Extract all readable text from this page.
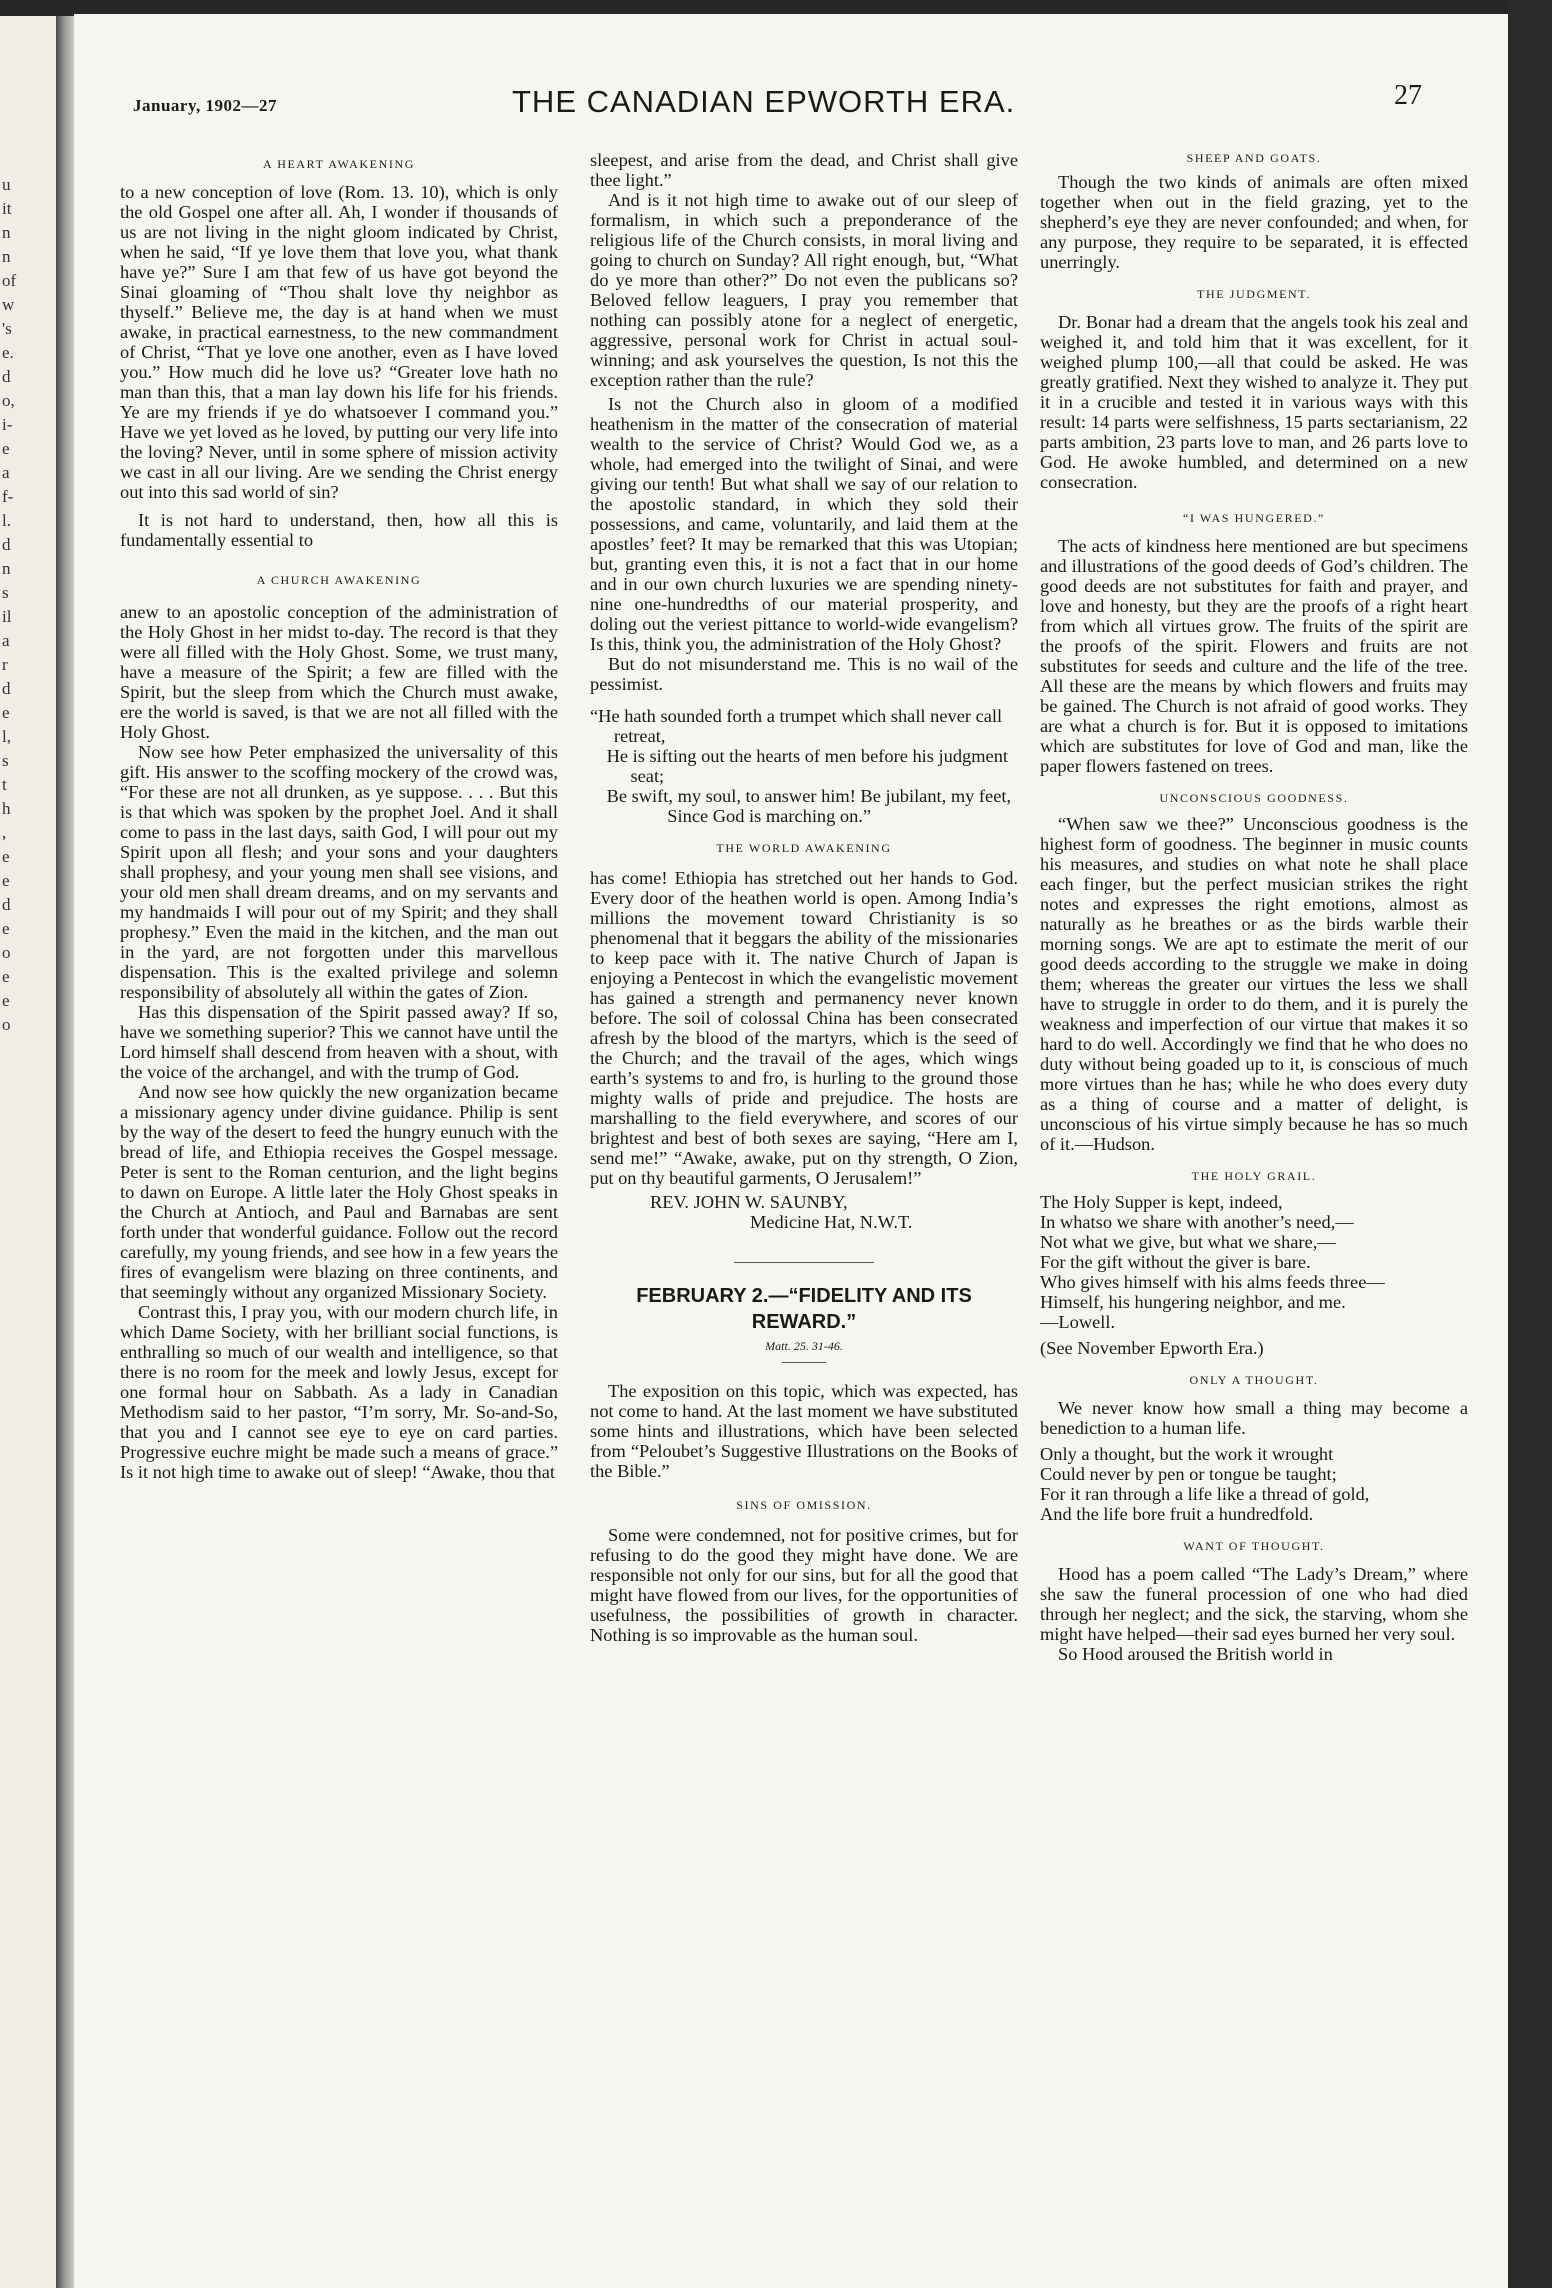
u
it
n
n
of
w
's
e.
d
o,
i-
e
a
f-
l.
d
n
s
il
a
r
d
e
l,
s
t
h
,
e
e
d
e
o
e
e
o
January, 1902—27	THE CANADIAN EPWORTH ERA.	27
A HEART AWAKENING

to a new conception of love (Rom. 13. 10), which is only the old Gospel one after all. Ah, I wonder if thousands of us are not living in the night gloom indicated by Christ, when he said, “If ye love them that love you, what thank have ye?” Sure I am that few of us have got beyond the Sinai gloaming of “Thou shalt love thy neighbor as thyself.” Believe me, the day is at hand when we must awake, in practical earnestness, to the new commandment of Christ, “That ye love one another, even as I have loved you.” How much did he love us? “Greater love hath no man than this, that a man lay down his life for his friends. Ye are my friends if ye do whatsoever I command you.” Have we yet loved as he loved, by putting our very life into the loving? Never, until in some sphere of mission activity we cast in all our living. Are we sending the Christ energy out into this sad world of sin?

It is not hard to understand, then, how all this is fundamentally essential to

A CHURCH AWAKENING

anew to an apostolic conception of the administration of the Holy Ghost in her midst to-day. The record is that they were all filled with the Holy Ghost. Some, we trust many, have a measure of the Spirit; a few are filled with the Spirit, but the sleep from which the Church must awake, ere the world is saved, is that we are not all filled with the Holy Ghost.

Now see how Peter emphasized the universality of this gift. His answer to the scoffing mockery of the crowd was, “For these are not all drunken, as ye suppose. . . . But this is that which was spoken by the prophet Joel. And it shall come to pass in the last days, saith God, I will pour out my Spirit upon all flesh; and your sons and your daughters shall prophesy, and your young men shall see visions, and your old men shall dream dreams, and on my servants and my handmaids I will pour out of my Spirit; and they shall prophesy.” Even the maid in the kitchen, and the man out in the yard, are not forgotten under this marvellous dispensation. This is the exalted privilege and solemn responsibility of absolutely all within the gates of Zion.

Has this dispensation of the Spirit passed away? If so, have we something superior? This we cannot have until the Lord himself shall descend from heaven with a shout, with the voice of the archangel, and with the trump of God.

And now see how quickly the new organization became a missionary agency under divine guidance. Philip is sent by the way of the desert to feed the hungry eunuch with the bread of life, and Ethiopia receives the Gospel message. Peter is sent to the Roman centurion, and the light begins to dawn on Europe. A little later the Holy Ghost speaks in the Church at Antioch, and Paul and Barnabas are sent forth under that wonderful guidance. Follow out the record carefully, my young friends, and see how in a few years the fires of evangelism were blazing on three continents, and that seemingly without any organized Missionary Society.

Contrast this, I pray you, with our modern church life, in which Dame Society, with her brilliant social functions, is enthralling so much of our wealth and intelligence, so that there is no room for the meek and lowly Jesus, except for one formal hour on Sabbath. As a lady in Canadian Methodism said to her pastor, “I’m sorry, Mr. So-and-So, that you and I cannot see eye to eye on card parties. Progressive euchre might be made such a means of grace.” Is it not high time to awake out of sleep! “Awake, thou that

sleepest, and arise from the dead, and Christ shall give thee light.”

And is it not high time to awake out of our sleep of formalism, in which such a preponderance of the religious life of the Church consists, in moral living and going to church on Sunday? All right enough, but, “What do ye more than other?” Do not even the publicans so? Beloved fellow leaguers, I pray you remember that nothing can possibly atone for a neglect of energetic, aggressive, personal work for Christ in actual soul-winning; and ask yourselves the question, Is not this the exception rather than the rule?

Is not the Church also in gloom of a modified heathenism in the matter of the consecration of material wealth to the service of Christ? Would God we, as a whole, had emerged into the twilight of Sinai, and were giving our tenth! But what shall we say of our relation to the apostolic standard, in which they sold their possessions, and came, voluntarily, and laid them at the apostles’ feet? It may be remarked that this was Utopian; but, granting even this, it is not a fact that in our home and in our own church luxuries we are spending ninety-nine one-hundredths of our material prosperity, and doling out the veriest pittance to world-wide evangelism? Is this, think you, the administration of the Holy Ghost?

But do not misunderstand me. This is no wail of the pessimist.

“He hath sounded forth a trumpet which shall never call retreat,
He is sifting out the hearts of men before his judgment seat;
Be swift, my soul, to answer him! Be jubilant, my feet,
Since God is marching on.”
THE WORLD AWAKENING

has come! Ethiopia has stretched out her hands to God. Every door of the heathen world is open. Among India’s millions the movement toward Christianity is so phenomenal that it beggars the ability of the missionaries to keep pace with it. The native Church of Japan is enjoying a Pentecost in which the evangelistic movement has gained a strength and permanency never known before. The soil of colossal China has been consecrated afresh by the blood of the martyrs, which is the seed of the Church; and the travail of the ages, which wings earth’s systems to and fro, is hurling to the ground those mighty walls of pride and prejudice. The hosts are marshalling to the field everywhere, and scores of our brightest and best of both sexes are saying, “Here am I, send me!” “Awake, awake, put on thy strength, O Zion, put on thy beautiful garments, O Jerusalem!”

REV. JOHN W. SAUNBY,

Medicine Hat, N.W.T.

FEBRUARY 2.—“FIDELITY AND ITS REWARD.”
Matt. 25. 31-46.

The exposition on this topic, which was expected, has not come to hand. At the last moment we have substituted some hints and illustrations, which have been selected from “Peloubet’s Suggestive Illustrations on the Books of the Bible.”

SINS OF OMISSION.

Some were condemned, not for positive crimes, but for refusing to do the good they might have done. We are responsible not only for our sins, but for all the good that might have flowed from our lives, for the opportunities of usefulness, the possibilities of growth in character. Nothing is so improvable as the human soul.

SHEEP AND GOATS.

Though the two kinds of animals are often mixed together when out in the field grazing, yet to the shepherd’s eye they are never confounded; and when, for any purpose, they require to be separated, it is effected unerringly.

THE JUDGMENT.

Dr. Bonar had a dream that the angels took his zeal and weighed it, and told him that it was excellent, for it weighed plump 100,—all that could be asked. He was greatly gratified. Next they wished to analyze it. They put it in a crucible and tested it in various ways with this result: 14 parts were selfishness, 15 parts sectarianism, 22 parts ambition, 23 parts love to man, and 26 parts love to God. He awoke humbled, and determined on a new consecration.

“I WAS HUNGERED.”

The acts of kindness here mentioned are but specimens and illustrations of the good deeds of God’s children. The good deeds are not substitutes for faith and prayer, and love and honesty, but they are the proofs of a right heart from which all virtues grow. The fruits of the spirit are the proofs of the spirit. Flowers and fruits are not substitutes for seeds and culture and the life of the tree. All these are the means by which flowers and fruits may be gained. The Church is not afraid of good works. They are what a church is for. But it is opposed to imitations which are substitutes for love of God and man, like the paper flowers fastened on trees.

UNCONSCIOUS GOODNESS.

“When saw we thee?” Unconscious goodness is the highest form of goodness. The beginner in music counts his measures, and studies on what note he shall place each finger, but the perfect musician strikes the right notes and expresses the right emotions, almost as naturally as he breathes or as the birds warble their morning songs. We are apt to estimate the merit of our good deeds according to the struggle we make in doing them; whereas the greater our virtues the less we shall have to struggle in order to do them, and it is purely the weakness and imperfection of our virtue that makes it so hard to do well. Accordingly we find that he who does no duty without being goaded up to it, is conscious of much more virtues than he has; while he who does every duty as a thing of course and a matter of delight, is unconscious of his virtue simply because he has so much of it.—Hudson.

THE HOLY GRAIL.
The Holy Supper is kept, indeed,
In whatso we share with another’s need,—
Not what we give, but what we share,—
For the gift without the giver is bare.
Who gives himself with his alms feeds three—
Himself, his hungering neighbor, and me.

—Lowell.

(See November Epworth Era.)

ONLY A THOUGHT.

We never know how small a thing may become a benediction to a human life.

Only a thought, but the work it wrought
Could never by pen or tongue be taught;
For it ran through a life like a thread of gold,
And the life bore fruit a hundredfold.
WANT OF THOUGHT.

Hood has a poem called “The Lady’s Dream,” where she saw the funeral procession of one who had died through her neglect; and the sick, the starving, whom she might have helped—their sad eyes burned her very soul.

So Hood aroused the British world in
